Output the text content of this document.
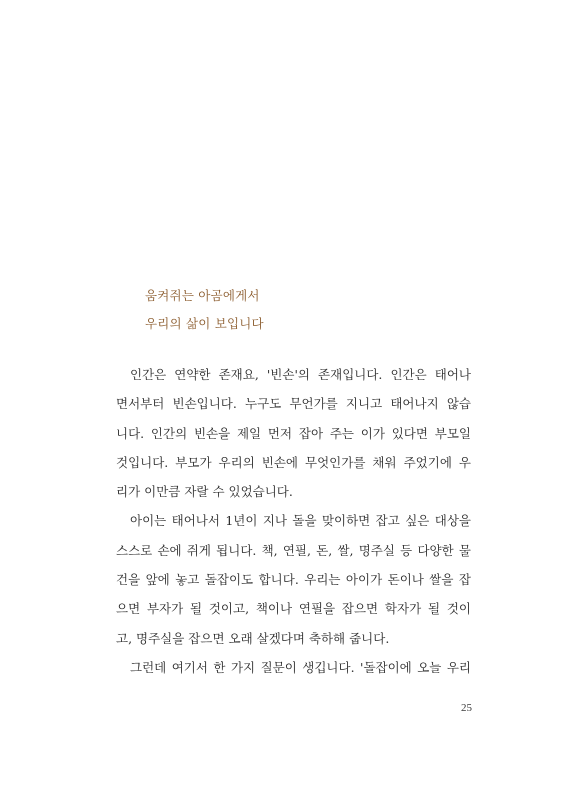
움켜쥐는 아곰에게서
우리의 삶이 보입니다
인간은 연약한 존재요, '빈손'의 존재입니다. 인간은 태어나
면서부터 빈손입니다. 누구도 무언가를 지니고 태어나지 않습
니다. 인간의 빈손을 제일 먼저 잡아 주는 이가 있다면 부모일
것입니다. 부모가 우리의 빈손에 무엇인가를 채워 주었기에 우
리가 이만큼 자랄 수 있었습니다.
아이는 태어나서 1년이 지나 돌을 맞이하면 잡고 싶은 대상을
스스로 손에 쥐게 됩니다. 책, 연필, 돈, 쌀, 명주실 등 다양한 물
건을 앞에 놓고 돌잡이도 합니다. 우리는 아이가 돈이나 쌀을 잡
으면 부자가 될 것이고, 책이나 연필을 잡으면 학자가 될 것이
고, 명주실을 잡으면 오래 살겠다며 축하해 줍니다.
그런데 여기서 한 가지 질문이 생깁니다. '돌잡이에 오늘 우리
25
